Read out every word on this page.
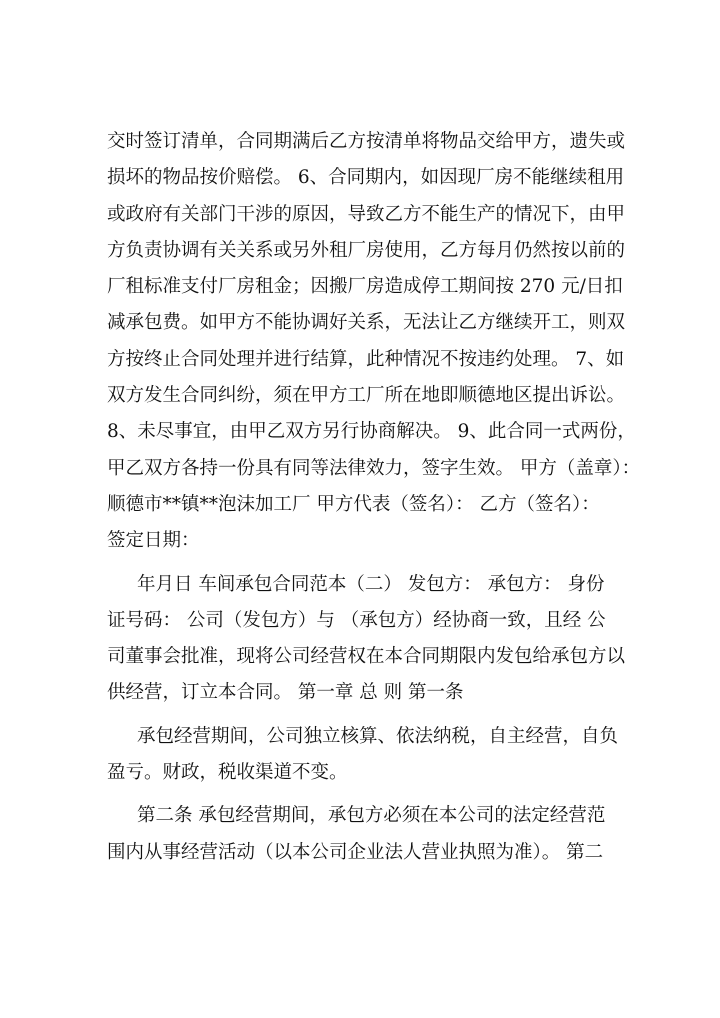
交时签订清单，合同期满后乙方按清单将物品交给甲方，遗失或
损坏的物品按价赔偿。 6、合同期内，如因现厂房不能继续租用
或政府有关部门干涉的原因，导致乙方不能生产的情况下，由甲
方负责协调有关关系或另外租厂房使用，乙方每月仍然按以前的
厂租标准支付厂房租金；因搬厂房造成停工期间按 270 元/日扣
减承包费。如甲方不能协调好关系，无法让乙方继续开工，则双
方按终止合同处理并进行结算，此种情况不按违约处理。 7、如
双方发生合同纠纷，须在甲方工厂所在地即顺德地区提出诉讼。
8、未尽事宜，由甲乙双方另行协商解决。 9、此合同一式两份，
甲乙双方各持一份具有同等法律效力，签字生效。 甲方（盖章）：
顺德市**镇**泡沫加工厂 甲方代表（签名）： 乙方（签名）：
签定日期：
年月日 车间承包合同范本（二） 发包方： 承包方： 身份
证号码： 公司（发包方）与 （承包方）经协商一致，且经 公
司董事会批准，现将公司经营权在本合同期限内发包给承包方以
供经营，订立本合同。 第一章 总 则 第一条
承包经营期间，公司独立核算、依法纳税，自主经营，自负
盈亏。财政，税收渠道不变。
第二条 承包经营期间，承包方必须在本公司的法定经营范
围内从事经营活动（以本公司企业法人营业执照为准）。 第二
